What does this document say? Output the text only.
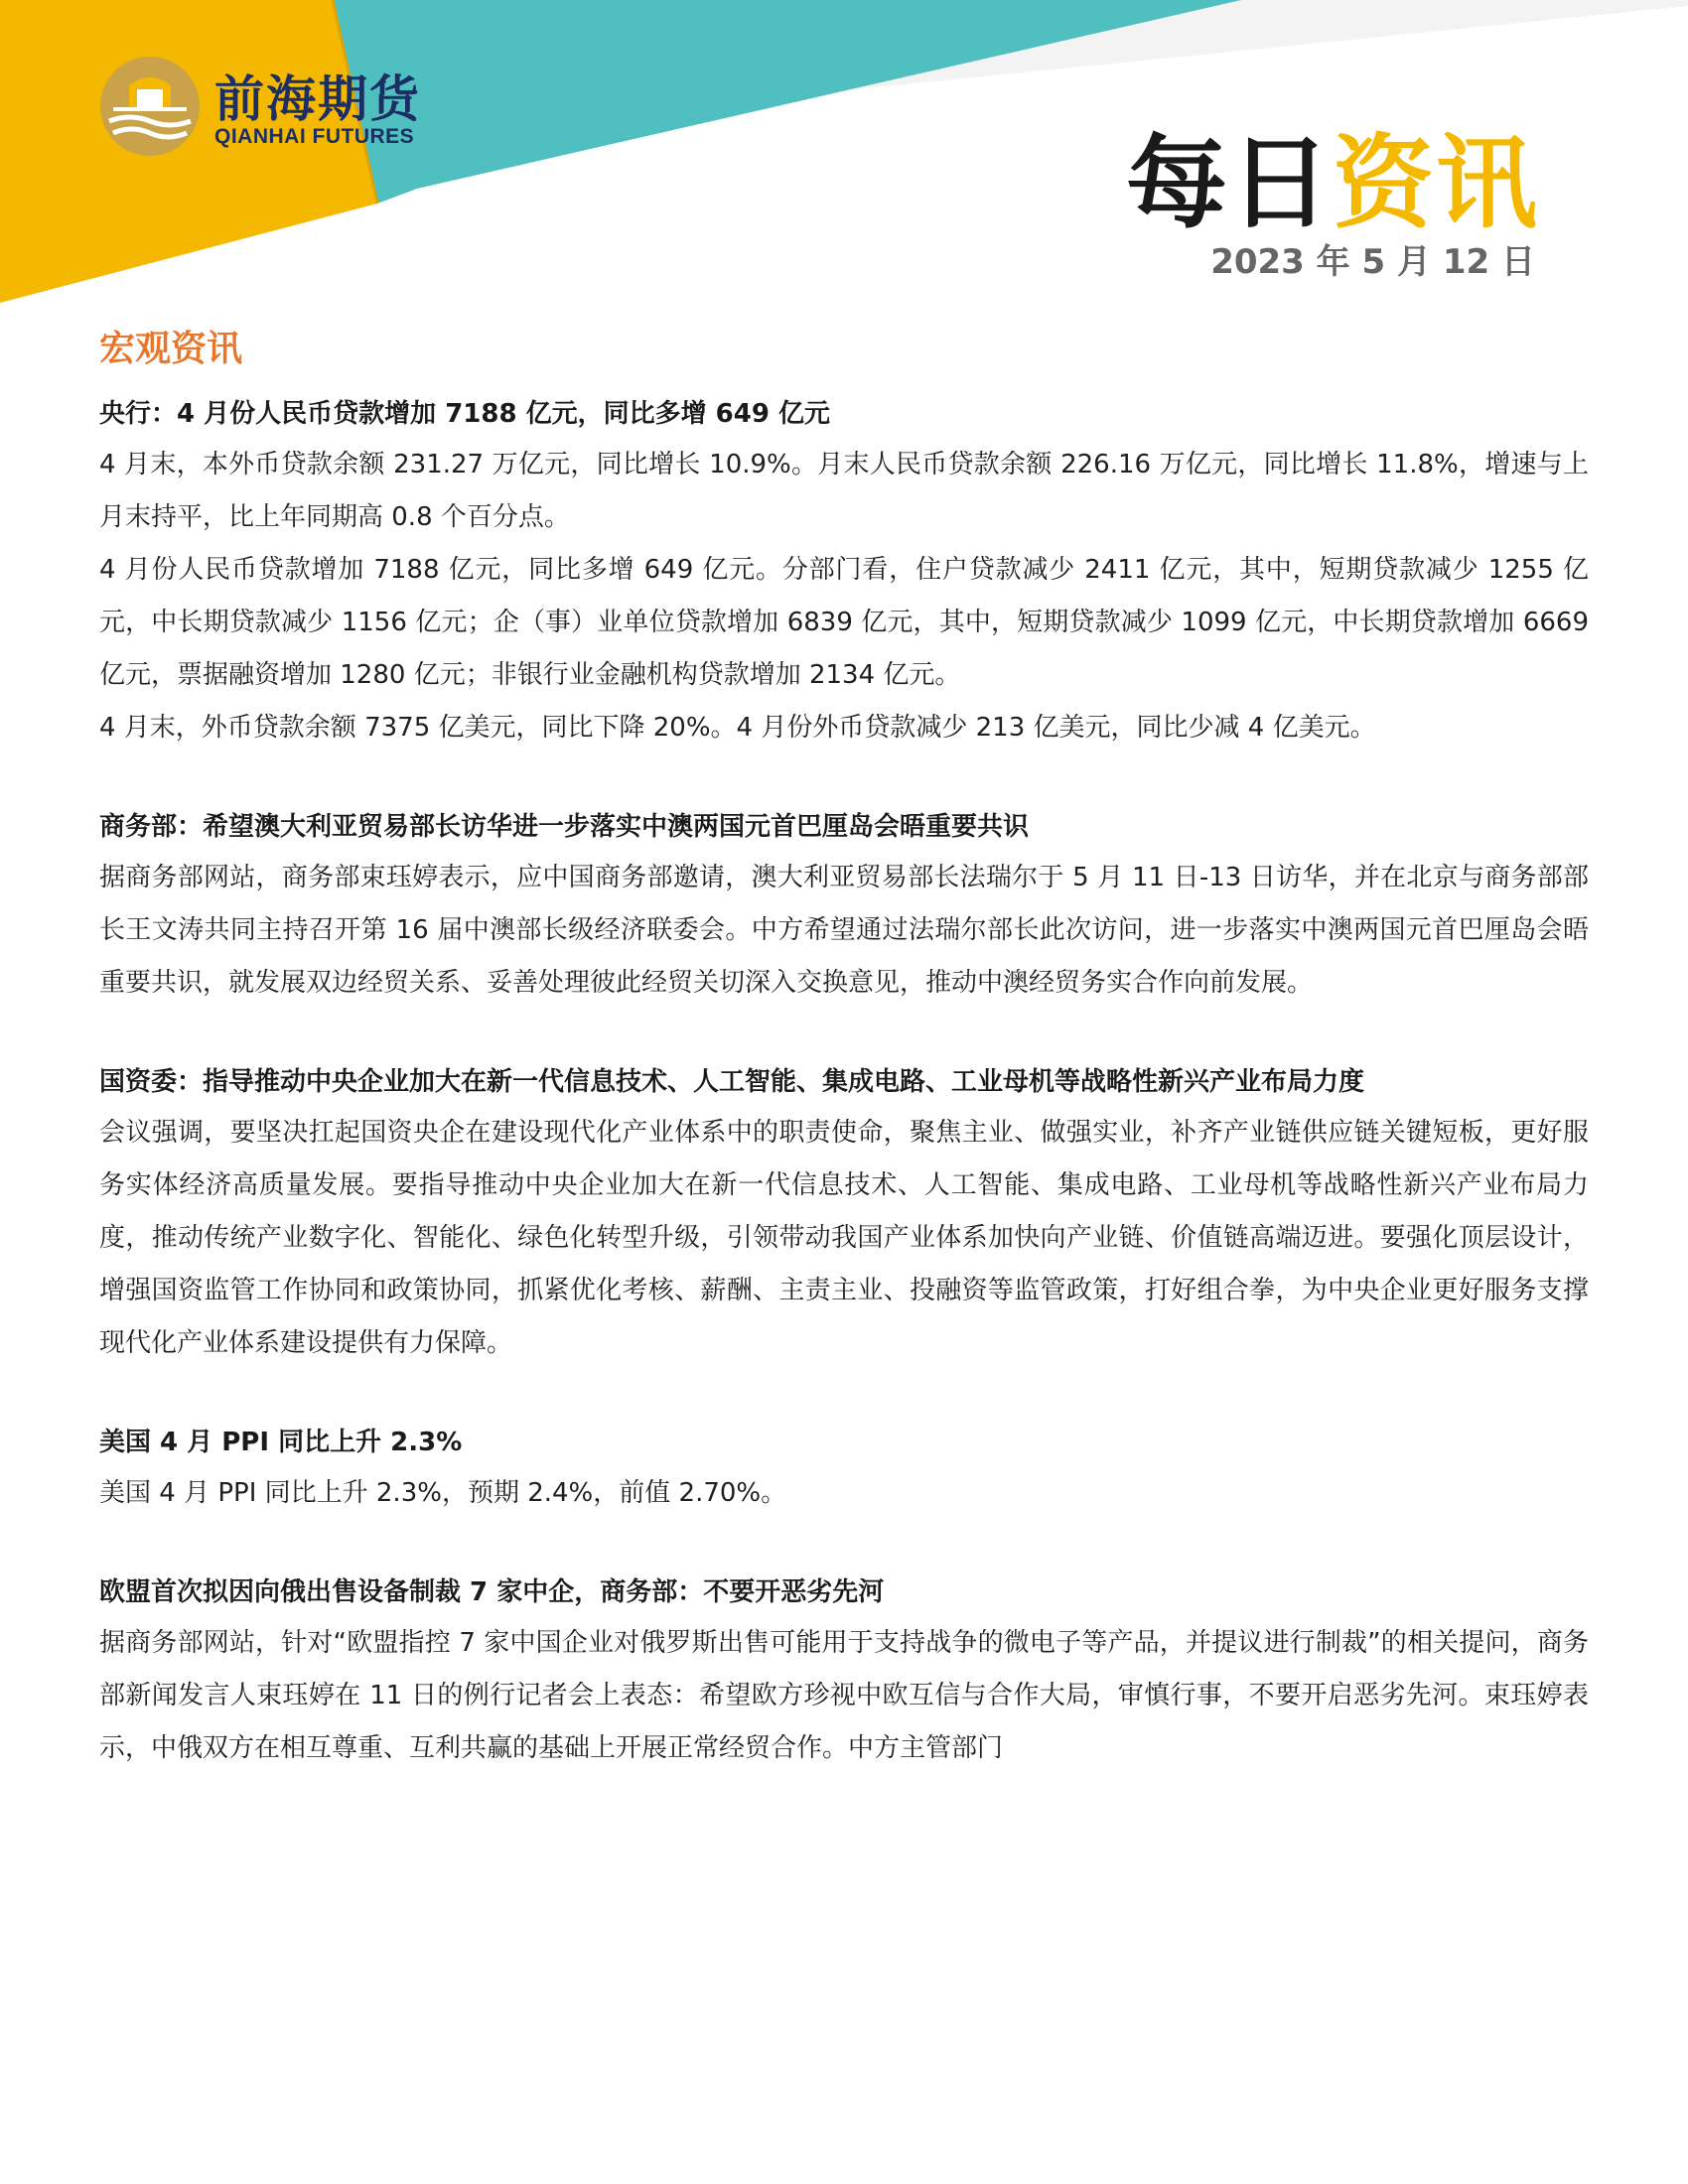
前海期货
QIANHAI FUTURES	每日资讯
2023 年 5 月 12 日
宏观资讯

央行：4 月份人民币贷款增加 7188 亿元，同比多增 649 亿元

4 月末，本外币贷款余额 231.27 万亿元，同比增长 10.9%。月末人民币贷款余额 226.16 万亿元，同比增长 11.8%，增速与上月末持平，比上年同期高 0.8 个百分点。

4 月份人民币贷款增加 7188 亿元，同比多增 649 亿元。分部门看，住户贷款减少 2411 亿元，其中，短期贷款减少 1255 亿元，中长期贷款减少 1156 亿元；企（事）业单位贷款增加 6839 亿元，其中，短期贷款减少 1099 亿元，中长期贷款增加 6669 亿元，票据融资增加 1280 亿元；非银行业金融机构贷款增加 2134 亿元。

4 月末，外币贷款余额 7375 亿美元，同比下降 20%。4 月份外币贷款减少 213 亿美元，同比少减 4 亿美元。

商务部：希望澳大利亚贸易部长访华进一步落实中澳两国元首巴厘岛会晤重要共识

据商务部网站，商务部束珏婷表示，应中国商务部邀请，澳大利亚贸易部长法瑞尔于 5 月 11 日-13 日访华，并在北京与商务部部长王文涛共同主持召开第 16 届中澳部长级经济联委会。中方希望通过法瑞尔部长此次访问，进一步落实中澳两国元首巴厘岛会晤重要共识，就发展双边经贸关系、妥善处理彼此经贸关切深入交换意见，推动中澳经贸务实合作向前发展。

国资委：指导推动中央企业加大在新一代信息技术、人工智能、集成电路、工业母机等战略性新兴产业布局力度

会议强调，要坚决扛起国资央企在建设现代化产业体系中的职责使命，聚焦主业、做强实业，补齐产业链供应链关键短板，更好服务实体经济高质量发展。要指导推动中央企业加大在新一代信息技术、人工智能、集成电路、工业母机等战略性新兴产业布局力度，推动传统产业数字化、智能化、绿色化转型升级，引领带动我国产业体系加快向产业链、价值链高端迈进。要强化顶层设计，增强国资监管工作协同和政策协同，抓紧优化考核、薪酬、主责主业、投融资等监管政策，打好组合拳，为中央企业更好服务支撑现代化产业体系建设提供有力保障。

美国 4 月 PPI 同比上升 2.3%

美国 4 月 PPI 同比上升 2.3%，预期 2.4%，前值 2.70%。

欧盟首次拟因向俄出售设备制裁 7 家中企，商务部：不要开恶劣先河

据商务部网站，针对“欧盟指控 7 家中国企业对俄罗斯出售可能用于支持战争的微电子等产品，并提议进行制裁”的相关提问，商务部新闻发言人束珏婷在 11 日的例行记者会上表态：希望欧方珍视中欧互信与合作大局，审慎行事，不要开启恶劣先河。束珏婷表示，中俄双方在相互尊重、互利共赢的基础上开展正常经贸合作。中方主管部门
